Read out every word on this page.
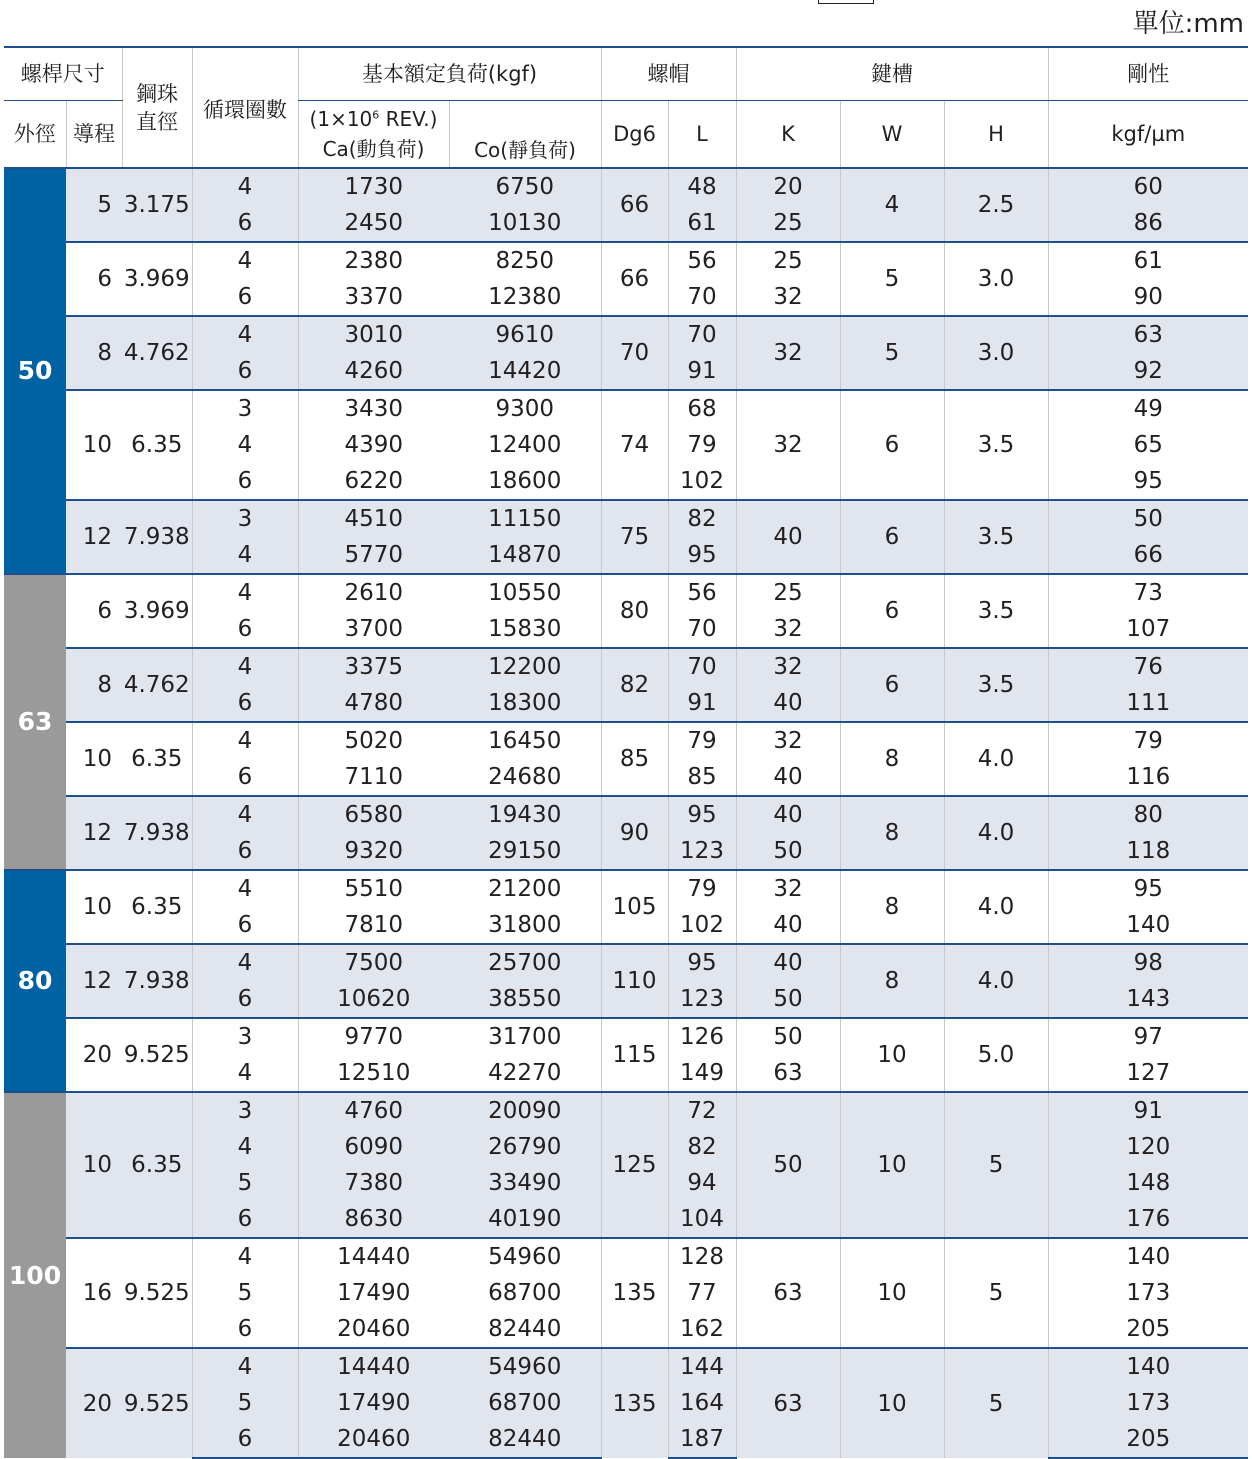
單位:mm
螺桿尺寸		鋼珠直徑	循環圈數	基本額定負荷(kgf)		螺帽		鍵槽			剛性
外徑	導程			($1\times 10^6$ REV.)
Ca(動負荷)	Co(靜負荷)	Dg6	L	K	W	H	kgf/µm
50	5	3.175	4	1730	6750	66	48	20	4	2.5	60
			6	2450	10130		61	25			86
	6	3.969	4	2380	8250	66	56	25	5	3.0	61
			6	3370	12380		70	32			90
	8	4.762	4	3010	9610	70	70	32	5	3.0	63
			6	4260	14420		91				92
	10	6.35	3	3430	9300	74	68	32	6	3.5	49
			4	4390	12400		79				65
			6	6220	18600		102				95
	12	7.938	3	4510	11150	75	82	40	6	3.5	50
			4	5770	14870		95				66
63	6	3.969	4	2610	10550	80	56	25	6	3.5	73
			6	3700	15830		70	32			107
	8	4.762	4	3375	12200	82	70	32	6	3.5	76
			6	4780	18300		91	40			111
	10	6.35	4	5020	16450	85	79	32	8	4.0	79
			6	7110	24680		85	40			116
	12	7.938	4	6580	19430	90	95	40	8	4.0	80
			6	9320	29150		123	50			118
80	10	6.35	4	5510	21200	105	79	32	8	4.0	95
			6	7810	31800		102	40			140
	12	7.938	4	7500	25700	110	95	40	8	4.0	98
			6	10620	38550		123	50			143
	20	9.525	3	9770	31700	115	126	50	10	5.0	97
			4	12510	42270		149	63			127
100	10	6.35	3	4760	20090	125	72	50	10	5	91
			4	6090	26790		82				120
			5	7380	33490		94				148
			6	8630	40190		104				176
	16	9.525	4	14440	54960	135	128	63	10	5	140
			5	17490	68700		77				173
			6	20460	82440		162				205
	20	9.525	4	14440	54960	135	144	63	10	5	140
			5	17490	68700		164				173
			6	20460	82440		187				205
